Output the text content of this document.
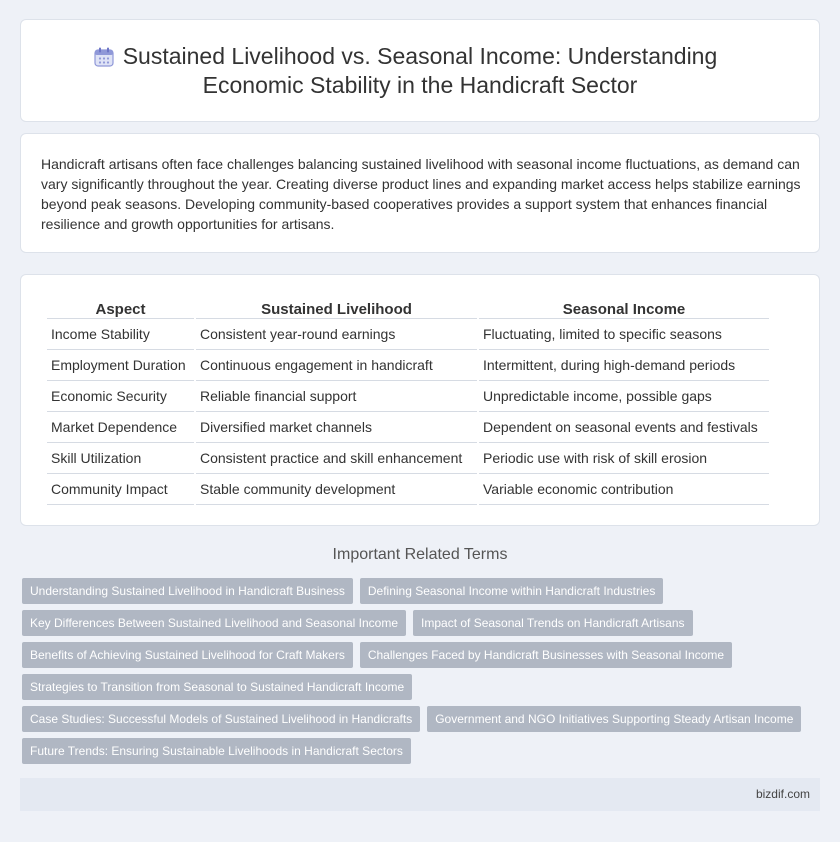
Sustained Livelihood vs. Seasonal Income: Understanding
Economic Stability in the Handicraft Sector

Handicraft artisans often face challenges balancing sustained livelihood with seasonal income fluctuations, as demand can vary significantly throughout the year. Creating diverse product lines and expanding market access helps stabilize earnings beyond peak seasons. Developing community-based cooperatives provides a support system that enhances financial resilience and growth opportunities for artisans.

Aspect	Sustained Livelihood	Seasonal Income
Income Stability	Consistent year-round earnings	Fluctuating, limited to specific seasons
Employment Duration	Continuous engagement in handicraft	Intermittent, during high-demand periods
Economic Security	Reliable financial support	Unpredictable income, possible gaps
Market Dependence	Diversified market channels	Dependent on seasonal events and festivals
Skill Utilization	Consistent practice and skill enhancement	Periodic use with risk of skill erosion
Community Impact	Stable community development	Variable economic contribution
Important Related Terms
Understanding Sustained Livelihood in Handicraft Business	Defining Seasonal Income within Handicraft Industries
Key Differences Between Sustained Livelihood and Seasonal Income	Impact of Seasonal Trends on Handicraft Artisans
Benefits of Achieving Sustained Livelihood for Craft Makers	Challenges Faced by Handicraft Businesses with Seasonal Income
Strategies to Transition from Seasonal to Sustained Handicraft Income
Case Studies: Successful Models of Sustained Livelihood in Handicrafts	Government and NGO Initiatives Supporting Steady Artisan Income
Future Trends: Ensuring Sustainable Livelihoods in Handicraft Sectors
bizdif.com
